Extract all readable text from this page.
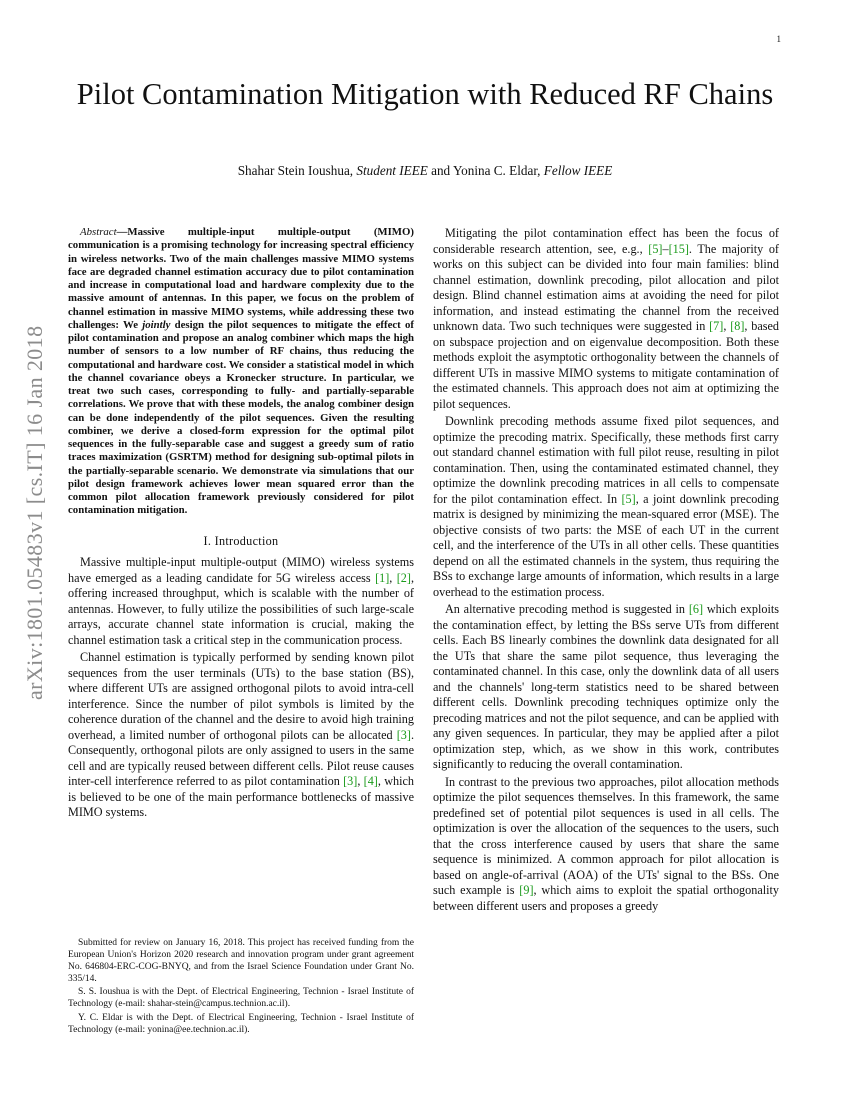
1
arXiv:1801.05483v1 [cs.IT] 16 Jan 2018
Pilot Contamination Mitigation with Reduced RF Chains
Shahar Stein Ioushua, Student IEEE and Yonina C. Eldar, Fellow IEEE

Abstract—Massive multiple-input multiple-output (MIMO) communication is a promising technology for increasing spectral efficiency in wireless networks. Two of the main challenges massive MIMO systems face are degraded channel estimation accuracy due to pilot contamination and increase in computational load and hardware complexity due to the massive amount of antennas. In this paper, we focus on the problem of channel estimation in massive MIMO systems, while addressing these two challenges: We jointly design the pilot sequences to mitigate the effect of pilot contamination and propose an analog combiner which maps the high number of sensors to a low number of RF chains, thus reducing the computational and hardware cost. We consider a statistical model in which the channel covariance obeys a Kronecker structure. In particular, we treat two such cases, corresponding to fully- and partially-separable correlations. We prove that with these models, the analog combiner design can be done independently of the pilot sequences. Given the resulting combiner, we derive a closed-form expression for the optimal pilot sequences in the fully-separable case and suggest a greedy sum of ratio traces maximization (GSRTM) method for designing sub-optimal pilots in the partially-separable scenario. We demonstrate via simulations that our pilot design framework achieves lower mean squared error than the common pilot allocation framework previously considered for pilot contamination mitigation.

I. Introduction

Massive multiple-input multiple-output (MIMO) wireless systems have emerged as a leading candidate for 5G wireless access [1], [2], offering increased throughput, which is scalable with the number of antennas. However, to fully utilize the possibilities of such large-scale arrays, accurate channel state information is crucial, making the channel estimation task a critical step in the communication process.

Channel estimation is typically performed by sending known pilot sequences from the user terminals (UTs) to the base station (BS), where different UTs are assigned orthogonal pilots to avoid intra-cell interference. Since the number of pilot symbols is limited by the coherence duration of the channel and the desire to avoid high training overhead, a limited number of orthogonal pilots can be allocated [3]. Consequently, orthogonal pilots are only assigned to users in the same cell and are typically reused between different cells. Pilot reuse causes inter-cell interference referred to as pilot contamination [3], [4], which is believed to be one of the main performance bottlenecks of massive MIMO systems.

Submitted for review on January 16, 2018. This project has received funding from the European Union's Horizon 2020 research and innovation program under grant agreement No. 646804-ERC-COG-BNYQ, and from the Israel Science Foundation under Grant No. 335/14.

S. S. Ioushua is with the Dept. of Electrical Engineering, Technion - Israel Institute of Technology (e-mail: shahar-stein@campus.technion.ac.il).

Y. C. Eldar is with the Dept. of Electrical Engineering, Technion - Israel Institute of Technology (e-mail: yonina@ee.technion.ac.il).

Mitigating the pilot contamination effect has been the focus of considerable research attention, see, e.g., [5]–[15]. The majority of works on this subject can be divided into four main families: blind channel estimation, downlink precoding, pilot allocation and pilot design. Blind channel estimation aims at avoiding the need for pilot information, and instead estimating the channel from the received unknown data. Two such techniques were suggested in [7], [8], based on subspace projection and on eigenvalue decomposition. Both these methods exploit the asymptotic orthogonality between the channels of different UTs in massive MIMO systems to mitigate contamination of the estimated channels. This approach does not aim at optimizing the pilot sequences.

Downlink precoding methods assume fixed pilot sequences, and optimize the precoding matrix. Specifically, these methods first carry out standard channel estimation with full pilot reuse, resulting in pilot contamination. Then, using the contaminated estimated channel, they optimize the downlink precoding matrices in all cells to compensate for the pilot contamination effect. In [5], a joint downlink precoding matrix is designed by minimizing the mean-squared error (MSE). The objective consists of two parts: the MSE of each UT in the current cell, and the interference of the UTs in all other cells. These quantities depend on all the estimated channels in the system, thus requiring the BSs to exchange large amounts of information, which results in a large overhead to the estimation process.

An alternative precoding method is suggested in [6] which exploits the contamination effect, by letting the BSs serve UTs from different cells. Each BS linearly combines the downlink data designated for all the UTs that share the same pilot sequence, thus leveraging the contaminated channel. In this case, only the downlink data of all users and the channels' long-term statistics need to be shared between different cells. Downlink precoding techniques optimize only the precoding matrices and not the pilot sequence, and can be applied with any given sequences. In particular, they may be applied after a pilot optimization step, which, as we show in this work, contributes significantly to reducing the overall contamination.

In contrast to the previous two approaches, pilot allocation methods optimize the pilot sequences themselves. In this framework, the same predefined set of potential pilot sequences is used in all cells. The optimization is over the allocation of the sequences to the users, such that the cross interference caused by users that share the same sequence is minimized. A common approach for pilot allocation is based on angle-of-arrival (AOA) of the UTs' signal to the BSs. One such example is [9], which aims to exploit the spatial orthogonality between different users and proposes a greedy
